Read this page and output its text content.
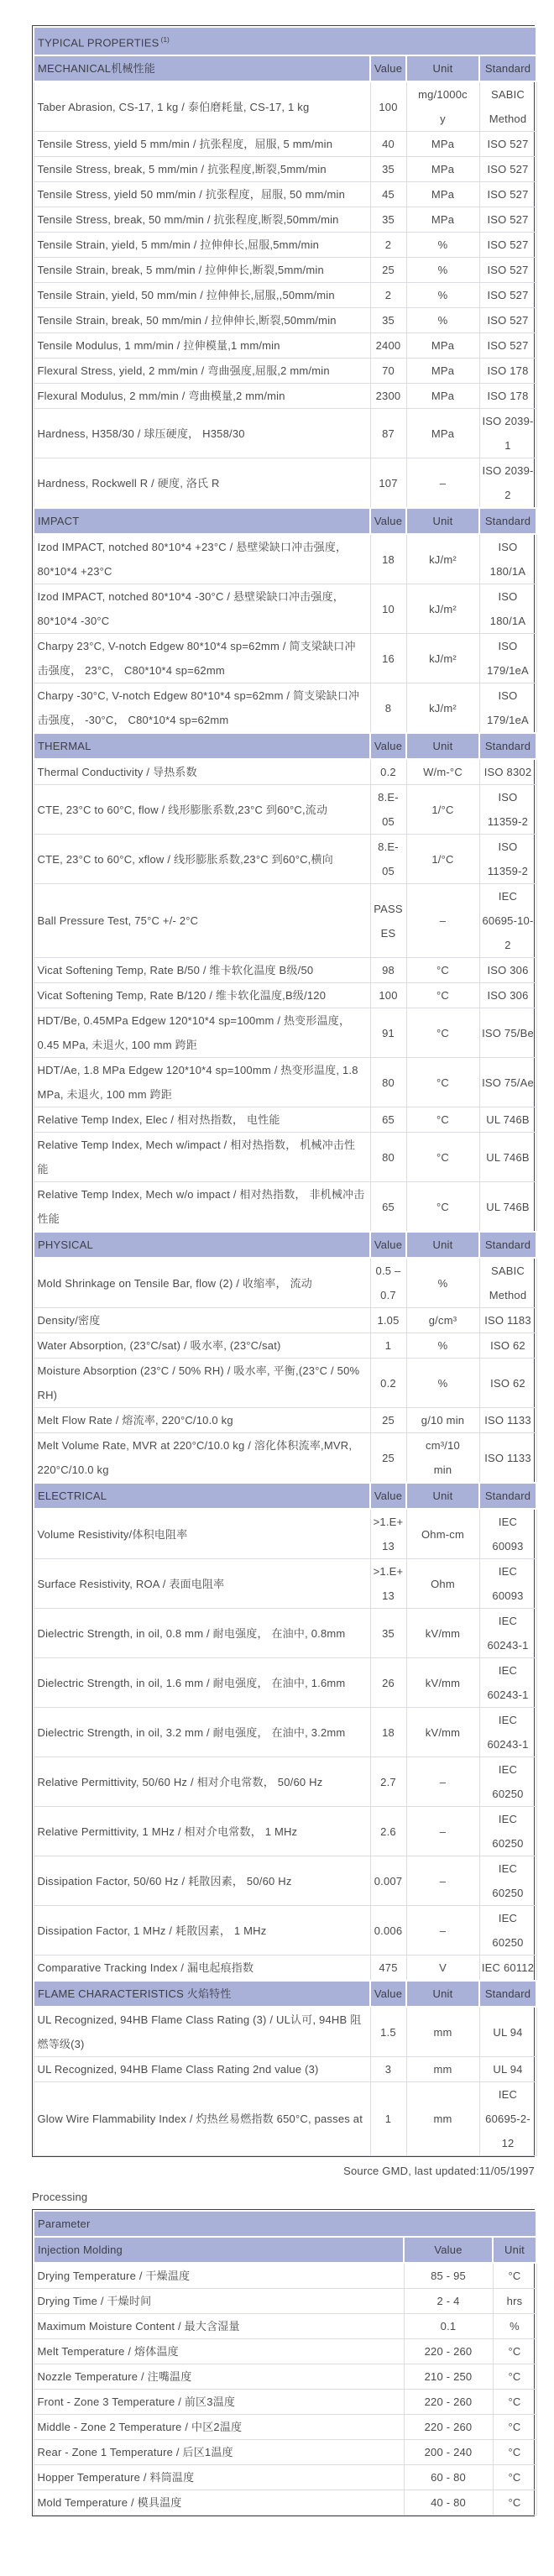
TYPICAL PROPERTIES $^{(1)}$
MECHANICAL机械性能	Value	Unit	Standard
Taber Abrasion, CS-17, 1 kg / 泰伯磨耗量, CS-17, 1 kg	100	mg/1000cy	SABIC Method
Tensile Stress, yield 5 mm/min / 抗张程度，屈服, 5 mm/min	40	MPa	ISO 527
Tensile Stress, break, 5 mm/min / 抗张程度,断裂,5mm/min	35	MPa	ISO 527
Tensile Stress, yield 50 mm/min / 抗张程度，屈服, 50 mm/min	45	MPa	ISO 527
Tensile Stress, break, 50 mm/min / 抗张程度,断裂,50mm/min	35	MPa	ISO 527
Tensile Strain, yield, 5 mm/min / 拉伸伸长,屈服,5mm/min	2	%	ISO 527
Tensile Strain, break, 5 mm/min / 拉伸伸长,断裂,5mm/min	25	%	ISO 527
Tensile Strain, yield, 50 mm/min / 拉伸伸长,屈服,,50mm/min	2	%	ISO 527
Tensile Strain, break, 50 mm/min / 拉伸伸长,断裂,50mm/min	35	%	ISO 527
Tensile Modulus, 1 mm/min / 拉伸模量,1 mm/min	2400	MPa	ISO 527
Flexural Stress, yield, 2 mm/min / 弯曲强度,屈服,2 mm/min	70	MPa	ISO 178
Flexural Modulus, 2 mm/min / 弯曲模量,2 mm/min	2300	MPa	ISO 178
Hardness, H358/30 / 球压硬度， H358/30	87	MPa	ISO 2039-1
Hardness, Rockwell R / 硬度, 洛氏 R	107	–	ISO 2039-2
IMPACT	Value	Unit	Standard
Izod IMPACT, notched 80*10*4 +23°C / 悬壁梁缺口冲击强度， 80*10*4 +23°C	18	kJ/m²	ISO 180/1A
Izod IMPACT, notched 80*10*4 -30°C / 悬壁梁缺口冲击强度， 80*10*4 -30°C	10	kJ/m²	ISO 180/1A
Charpy 23°C, V-notch Edgew 80*10*4 sp=62mm / 简支梁缺口冲击强度， 23°C， C80*10*4 sp=62mm	16	kJ/m²	ISO 179/1eA
Charpy -30°C, V-notch Edgew 80*10*4 sp=62mm / 简支梁缺口冲击强度， -30°C， C80*10*4 sp=62mm	8	kJ/m²	ISO 179/1eA
THERMAL	Value	Unit	Standard
Thermal Conductivity / 导热系数	0.2	W/m-°C	ISO 8302
CTE, 23°C to 60°C, flow / 线形膨胀系数,23°C 到60°C,流动	8.E-05	1/°C	ISO 11359-2
CTE, 23°C to 60°C, xflow / 线形膨胀系数,23°C 到60°C,横向	8.E-05	1/°C	ISO 11359-2
Ball Pressure Test, 75°C +/- 2°C	PASSES	–	IEC 60695-10-2
Vicat Softening Temp, Rate B/50 / 维卡软化温度 B级/50	98	°C	ISO 306
Vicat Softening Temp, Rate B/120 / 维卡软化温度,B级/120	100	°C	ISO 306
HDT/Be, 0.45MPa Edgew 120*10*4 sp=100mm / 热变形温度， 0.45 MPa, 未退火, 100 mm 跨距	91	°C	ISO 75/Be
HDT/Ae, 1.8 MPa Edgew 120*10*4 sp=100mm / 热变形温度, 1.8 MPa, 未退火, 100 mm 跨距	80	°C	ISO 75/Ae
Relative Temp Index, Elec / 相对热指数， 电性能	65	°C	UL 746B
Relative Temp Index, Mech w/impact / 相对热指数， 机械冲击性能	80	°C	UL 746B
Relative Temp Index, Mech w/o impact / 相对热指数， 非机械冲击性能	65	°C	UL 746B
PHYSICAL	Value	Unit	Standard
Mold Shrinkage on Tensile Bar, flow (2) / 收缩率， 流动	0.5 – 0.7	%	SABIC Method
Density/密度	1.05	g/cm³	ISO 1183
Water Absorption, (23°C/sat) / 吸水率, (23°C/sat)	1	%	ISO 62
Moisture Absorption (23°C / 50% RH) / 吸水率, 平衡,(23°C / 50% RH)	0.2	%	ISO 62
Melt Flow Rate / 熔流率, 220°C/10.0 kg	25	g/10 min	ISO 1133
Melt Volume Rate, MVR at 220°C/10.0 kg / 溶化体积流率,MVR, 220°C/10.0 kg	25	cm³/10 min	ISO 1133
ELECTRICAL	Value	Unit	Standard
Volume Resistivity/体积电阻率	>1.E+13	Ohm-cm	IEC 60093
Surface Resistivity, ROA / 表面电阻率	>1.E+13	Ohm	IEC 60093
Dielectric Strength, in oil, 0.8 mm / 耐电强度， 在油中, 0.8mm	35	kV/mm	IEC 60243-1
Dielectric Strength, in oil, 1.6 mm / 耐电强度， 在油中, 1.6mm	26	kV/mm	IEC 60243-1
Dielectric Strength, in oil, 3.2 mm / 耐电强度， 在油中, 3.2mm	18	kV/mm	IEC 60243-1
Relative Permittivity, 50/60 Hz / 相对介电常数， 50/60 Hz	2.7	–	IEC 60250
Relative Permittivity, 1 MHz / 相对介电常数， 1 MHz	2.6	–	IEC 60250
Dissipation Factor, 50/60 Hz / 耗散因素， 50/60 Hz	0.007	–	IEC 60250
Dissipation Factor, 1 MHz / 耗散因素， 1 MHz	0.006	–	IEC 60250
Comparative Tracking Index / 漏电起痕指数	475	V	IEC 60112
FLAME CHARACTERISTICS 火焰特性	Value	Unit	Standard
UL Recognized, 94HB Flame Class Rating (3) / UL认可, 94HB 阻燃等级(3)	1.5	mm	UL 94
UL Recognized, 94HB Flame Class Rating 2nd value (3)	3	mm	UL 94
Glow Wire Flammability Index / 灼热丝易燃指数 650°C, passes at	1	mm	IEC 60695-2-12
Source GMD, last updated:11/05/1997
Processing
Parameter		
Injection Molding	Value	Unit
Drying Temperature / 干燥温度	85 - 95	°C
Drying Time / 干燥时间	2 - 4	hrs
Maximum Moisture Content / 最大含湿量	0.1	%
Melt Temperature / 熔体温度	220 - 260	°C
Nozzle Temperature / 注嘴温度	210 - 250	°C
Front - Zone 3 Temperature / 前区3温度	220 - 260	°C
Middle - Zone 2 Temperature / 中区2温度	220 - 260	°C
Rear - Zone 1 Temperature / 后区1温度	200 - 240	°C
Hopper Temperature / 料筒温度	60 - 80	°C
Mold Temperature / 模具温度	40 - 80	°C
